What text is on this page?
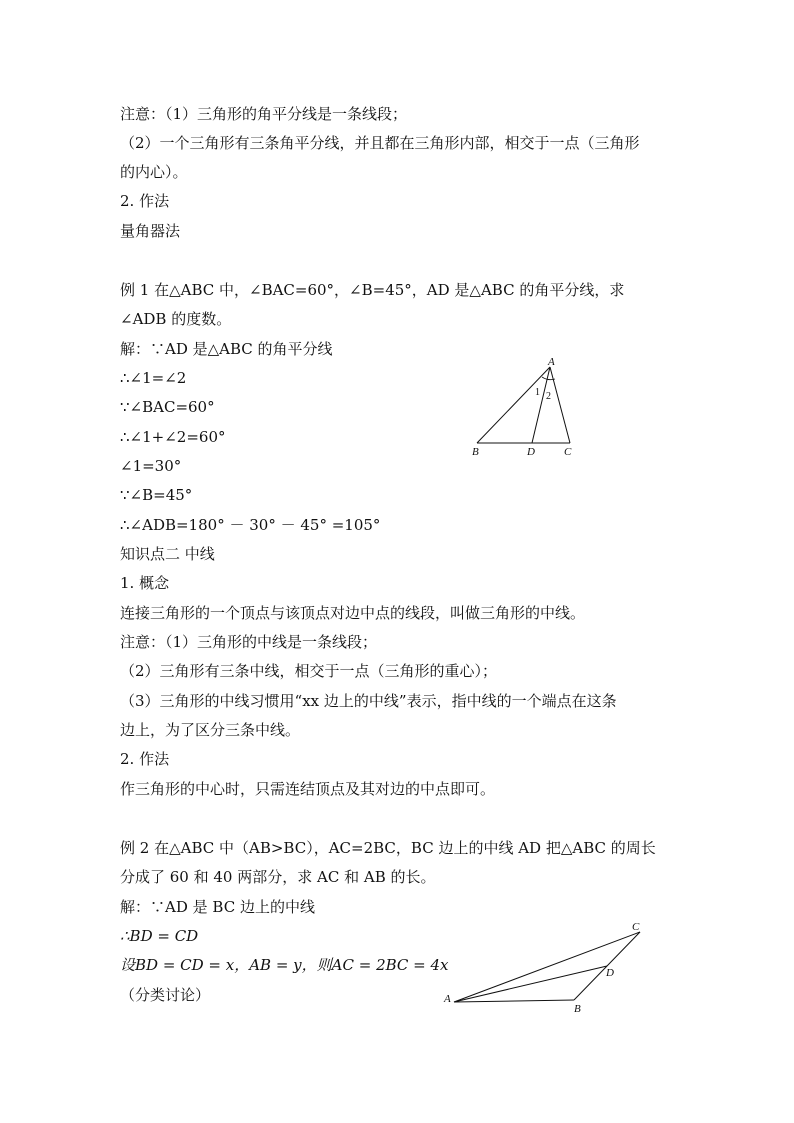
注意：（1）三角形的角平分线是一条线段；
（2）一个三角形有三条角平分线，并且都在三角形内部，相交于一点（三角形
的内心）。
2. 作法
量角器法
例 1 在△ABC 中，∠BAC=60°，∠B=45°，AD 是△ABC 的角平分线，求
∠ADB 的度数。
解：∵AD 是△ABC 的角平分线
∴∠1=∠2
∵∠BAC=60°
∴∠1+∠2=60°
∠1=30°
∵∠B=45°
∴∠ADB=180° － 30° － 45° =105°
A
1 2
B	D	C
知识点二 中线
1. 概念
连接三角形的一个顶点与该顶点对边中点的线段，叫做三角形的中线。
注意：（1）三角形的中线是一条线段；
（2）三角形有三条中线，相交于一点（三角形的重心）；
（3）三角形的中线习惯用“xx 边上的中线”表示，指中线的一个端点在这条
边上，为了区分三条中线。
2. 作法
作三角形的中心时，只需连结顶点及其对边的中点即可。
例 2 在△ABC 中（AB>BC），AC=2BC，BC 边上的中线 AD 把△ABC 的周长
分成了 60 和 40 两部分，求 AC 和 AB 的长。
解：∵AD 是 BC 边上的中线
∴BD = CD
设BD = CD = x，AB = y，则AC = 2BC = 4x
（分类讨论）	A
B
C
D
